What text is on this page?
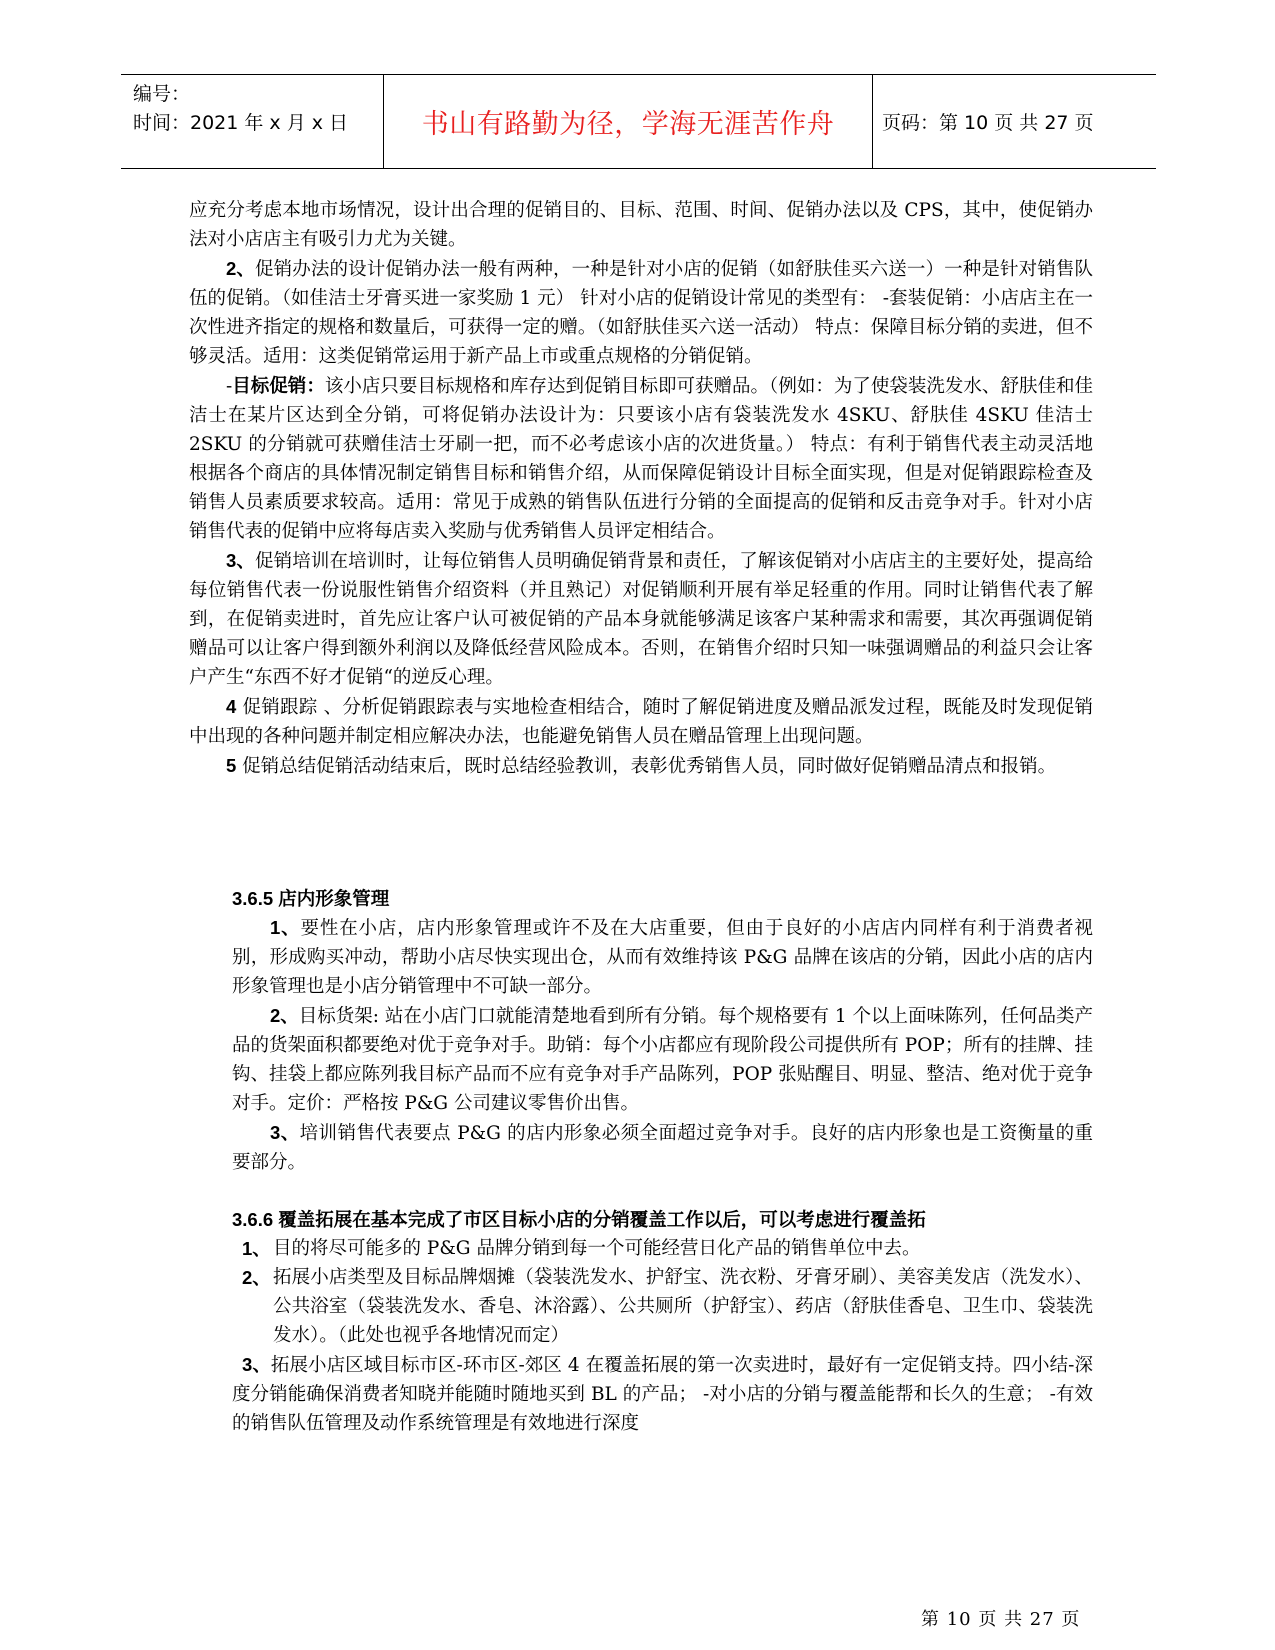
编号：
时间：2021 年 x 月 x 日	书山有路勤为径，学海无涯苦作舟	页码：第 10 页 共 27 页

应充分考虑本地市场情况，设计出合理的促销目的、目标、范围、时间、促销办法以及 CPS，其中，使促销办法对小店店主有吸引力尤为关键。

2、促销办法的设计促销办法一般有两种，一种是针对小店的促销（如舒肤佳买六送一）一种是针对销售队伍的促销。（如佳洁士牙膏买进一家奖励 1 元） 针对小店的促销设计常见的类型有： -套装促销：小店店主在一次性进齐指定的规格和数量后，可获得一定的赠。（如舒肤佳买六送一活动） 特点：保障目标分销的卖进，但不够灵活。适用：这类促销常运用于新产品上市或重点规格的分销促销。

-目标促销：该小店只要目标规格和库存达到促销目标即可获赠品。（例如：为了使袋装洗发水、舒肤佳和佳洁士在某片区达到全分销，可将促销办法设计为：只要该小店有袋装洗发水 4SKU、舒肤佳 4SKU 佳洁士 2SKU 的分销就可获赠佳洁士牙刷一把，而不必考虑该小店的次进货量。） 特点：有利于销售代表主动灵活地根据各个商店的具体情况制定销售目标和销售介绍，从而保障促销设计目标全面实现，但是对促销跟踪检查及销售人员素质要求较高。适用：常见于成熟的销售队伍进行分销的全面提高的促销和反击竞争对手。针对小店销售代表的促销中应将每店卖入奖励与优秀销售人员评定相结合。

3、促销培训在培训时，让每位销售人员明确促销背景和责任，了解该促销对小店店主的主要好处，提高给每位销售代表一份说服性销售介绍资料（并且熟记）对促销顺利开展有举足轻重的作用。同时让销售代表了解到，在促销卖进时，首先应让客户认可被促销的产品本身就能够满足该客户某种需求和需要，其次再强调促销赠品可以让客户得到额外利润以及降低经营风险成本。否则，在销售介绍时只知一味强调赠品的利益只会让客户产生“东西不好才促销“的逆反心理。

4 促销跟踪 、分析促销跟踪表与实地检查相结合，随时了解促销进度及赠品派发过程，既能及时发现促销中出现的各种问题并制定相应解决办法，也能避免销售人员在赠品管理上出现问题。

5 促销总结促销活动结束后，既时总结经验教训，表彰优秀销售人员，同时做好促销赠品清点和报销。

3.6.5 店内形象管理

1、要性在小店，店内形象管理或许不及在大店重要，但由于良好的小店店内同样有利于消费者视别，形成购买冲动，帮助小店尽快实现出仓，从而有效维持该 P&G 品牌在该店的分销，因此小店的店内形象管理也是小店分销管理中不可缺一部分。

2、目标货架: 站在小店门口就能清楚地看到所有分销。每个规格要有 1 个以上面味陈列，任何品类产品的货架面积都要绝对优于竞争对手。助销：每个小店都应有现阶段公司提供所有 POP；所有的挂牌、挂钩、挂袋上都应陈列我目标产品而不应有竞争对手产品陈列，POP 张贴醒目、明显、整洁、绝对优于竞争对手。定价：严格按 P&G 公司建议零售价出售。

3、培训销售代表要点 P&G 的店内形象必须全面超过竞争对手。良好的店内形象也是工资衡量的重要部分。

3.6.6 覆盖拓展在基本完成了市区目标小店的分销覆盖工作以后，可以考虑进行覆盖拓

1、 目的将尽可能多的 P&G 品牌分销到每一个可能经营日化产品的销售单位中去。
2、 拓展小店类型及目标品牌烟摊（袋装洗发水、护舒宝、洗衣粉、牙膏牙刷）、美容美发店（洗发水）、公共浴室（袋装洗发水、香皂、沐浴露）、公共厕所（护舒宝）、药店（舒肤佳香皂、卫生巾、袋装洗发水）。（此处也视乎各地情况而定）

3、拓展小店区域目标市区-环市区-郊区 4 在覆盖拓展的第一次卖进时，最好有一定促销支持。四小结-深度分销能确保消费者知晓并能随时随地买到 BL 的产品； -对小店的分销与覆盖能帮和长久的生意； -有效的销售队伍管理及动作系统管理是有效地进行深度

第 10 页 共 27 页
